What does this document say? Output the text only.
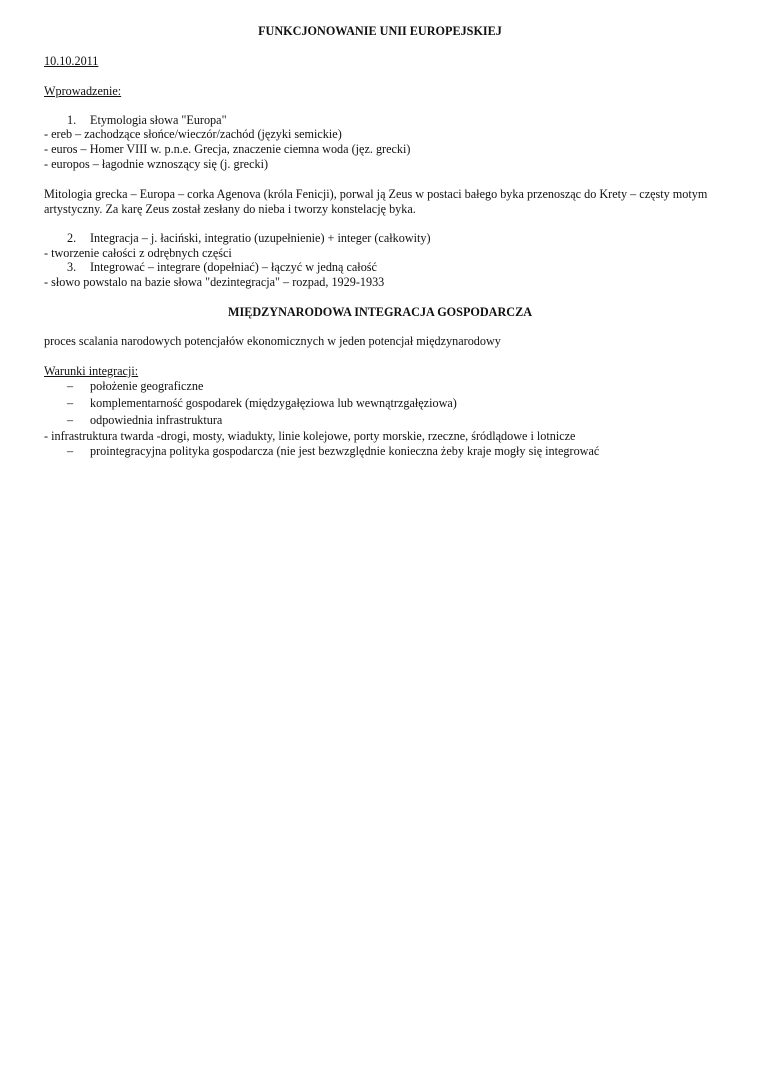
FUNKCJONOWANIE UNII EUROPEJSKIEJ
10.10.2011
Wprowadzenie:
1. Etymologia słowa "Europa"
- ereb – zachodzące słońce/wieczór/zachód (języki semickie)
- euros – Homer VIII w. p.n.e. Grecja, znaczenie ciemna woda (jęz. grecki)
- europos – łagodnie wznoszący się (j. grecki)
Mitologia grecka – Europa – corka Agenova (króla Fenicji), porwal ją Zeus w postaci bałego byka przenosząc do Krety – częsty motym artystyczny. Za karę Zeus został zesłany do nieba i tworzy konstelację byka.
2. Integracja – j. łaciński, integratio (uzupełnienie) + integer (całkowity)
- tworzenie całości z odrębnych części
3. Integrować – integrare (dopełniać) – łączyć w jedną całość
- słowo powstalo na bazie słowa "dezintegracja" – rozpad, 1929-1933
MIĘDZYNARODOWA INTEGRACJA GOSPODARCZA
proces scalania narodowych potencjałów ekonomicznych w jeden potencjał międzynarodowy
Warunki integracji:
– położenie geograficzne
– komplementarność gospodarek (międzygałęziowa lub wewnątrzgałęziowa)
– odpowiednia infrastruktura
- infrastruktura twarda -drogi, mosty, wiadukty, linie kolejowe, porty morskie, rzeczne, śródlądowe i lotnicze
– prointegracyjna polityka gospodarcza (nie jest bezwzględnie konieczna żeby kraje mogły się integrować
